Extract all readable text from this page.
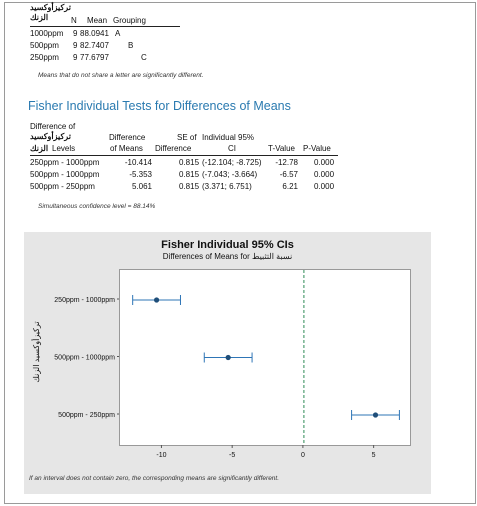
تركيزأوكسيد
الزنك	N Mean Grouping
1000ppm 9 88.0941 A
500ppm 9 82.7407 B
250ppm 9 77.6797	C
Means that do not share a letter are significantly different.
Fisher Individual Tests for Differences of Means
Difference of
تركيزأوكسيد
الزنك Levels
Difference
of Means
SE of
Difference
Individual 95%
CI	T-Value P-Value
250ppm - 1000ppm	-10.414	0.815 (-12.104; -8.725)	-12.78 0.000
500ppm - 1000ppm	-5.353	0.815 (-7.043; -3.664)	-6.57 0.000
500ppm - 250ppm	5.061	0.815 (3.371; 6.751)	6.21 0.000
Simultaneous confidence level = 88.14%
Fisher Individual 95% CIs
Differences of Means for نسبة التثبيط
تركيزأوكسيد الزنك
250ppm - 1000ppm
500ppm - 1000ppm
500ppm - 250ppm
-10	-5	0	5
If an interval does not contain zero, the corresponding means are significantly different.
